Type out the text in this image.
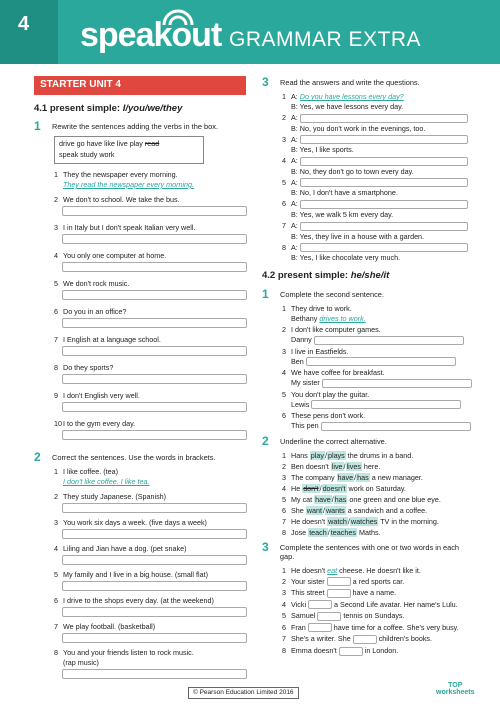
4 speakout GRAMMAR EXTRA
STARTER UNIT 4
4.1 present simple: I/you/we/they
1	Rewrite the sentences adding the verbs in the box.
drive go have like live play read
speak study work
1 They the newspaper every morning.
They read the newspaper every morning.
2 We don't to school. We take the bus.
3 I in Italy but I don't speak Italian very well.
4 You only one computer at home.
5 We don't rock music.
6 Do you in an office?
7 I English at a language school.
8 Do they sports?
9 I don't English very well.
10 I to the gym every day.
2	Correct the sentences. Use the words in brackets.
1 I like coffee. (tea)
I don't like coffee. I like tea.
2 They study Japanese. (Spanish)
3 You work six days a week. (five days a week)
4 Liling and Jian have a dog. (pet snake)
5 My family and I live in a big house. (small flat)
6 I drive to the shops every day. (at the weekend)
7 We play football. (basketball)
8 You and your friends listen to rock music.
(rap music)
3	Read the answers and write the questions.
1 A: Do you have lessons every day?
B: Yes, we have lessons every day.
2 A:
B: No, you don't work in the evenings, too.
3 A:
B: Yes, I like sports.
4 A:
B: No, they don't go to town every day.
5 A:
B: No, I don't have a smartphone.
6 A:
B: Yes, we walk 5 km every day.
7 A:
B: Yes, they live in a house with a garden.
8 A:
B: Yes, I like chocolate very much.
4.2 present simple: he/she/it
1	Complete the second sentence.
1 They drive to work.
Bethany drives to work.
2 I don't like computer games.
Danny
3 I live in Eastfields.
Ben
4 We have coffee for breakfast.
My sister
5 You don't play the guitar.
Lewis
6 These pens don't work.
This pen
2	Underline the correct alternative.
1 Hans play/plays the drums in a band.
2 Ben doesn't live/lives here.
3 The company have has a new manager.
4 He don't/doesn't work on Saturday.
5 My cat have/has one green and one blue eye.
6 She want/wants a sandwich and a coffee.
7 He doesn't watch/watches TV in the morning.
8 Jose teach/teaches Maths.
3	Complete the sentences with one or two words in each gap.
1 He doesn't eat cheese. He doesn't like it.
2 Your sister	a red sports car.
3 This street	have a name.
4 Vicki	a Second Life avatar. Her name's Lulu.
5 Samuel	tennis on Sundays.
6 Fran	have time for a coffee. She's very busy.
7 She's a writer. She	children's books.
8 Emma doesn't	in London.
© Pearson Education Limited 2016
TOP
worksheets
